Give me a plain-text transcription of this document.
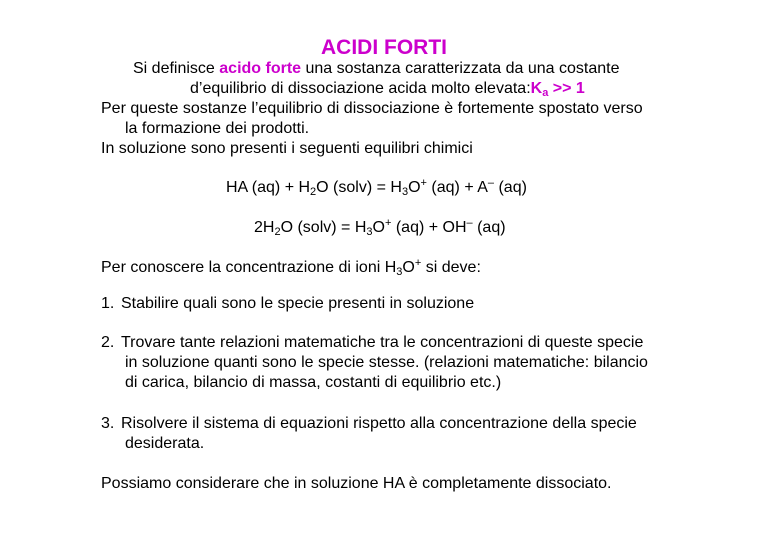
ACIDI FORTI
Si definisce acido forte una sostanza caratterizzata da una costante
d’equilibrio di dissociazione acida molto $elevata:K_a >> 1$
Per queste sostanze l’equilibrio di dissociazione è fortemente spostato verso
la formazione dei prodotti.
In soluzione sono presenti i seguenti equilibri chimici
HA $(aq) + H_2O$ (solv) = $H_3O^+$ (aq) + A– (aq)
$2H_2O$ (solv) = $H_3O^+$ (aq) + OH– (aq)
Per conoscere la concentrazione di ioni $H_3O^+$ si deve:
1. Stabilire quali sono le specie presenti in soluzione
2. Trovare tante relazioni matematiche tra le concentrazioni di queste specie
in soluzione quanti sono le specie stesse. (relazioni matematiche: bilancio
di carica, bilancio di massa, costanti di equilibrio etc.)
3. Risolvere il sistema di equazioni rispetto alla concentrazione della specie
desiderata.
Possiamo considerare che in soluzione HA è completamente dissociato.
